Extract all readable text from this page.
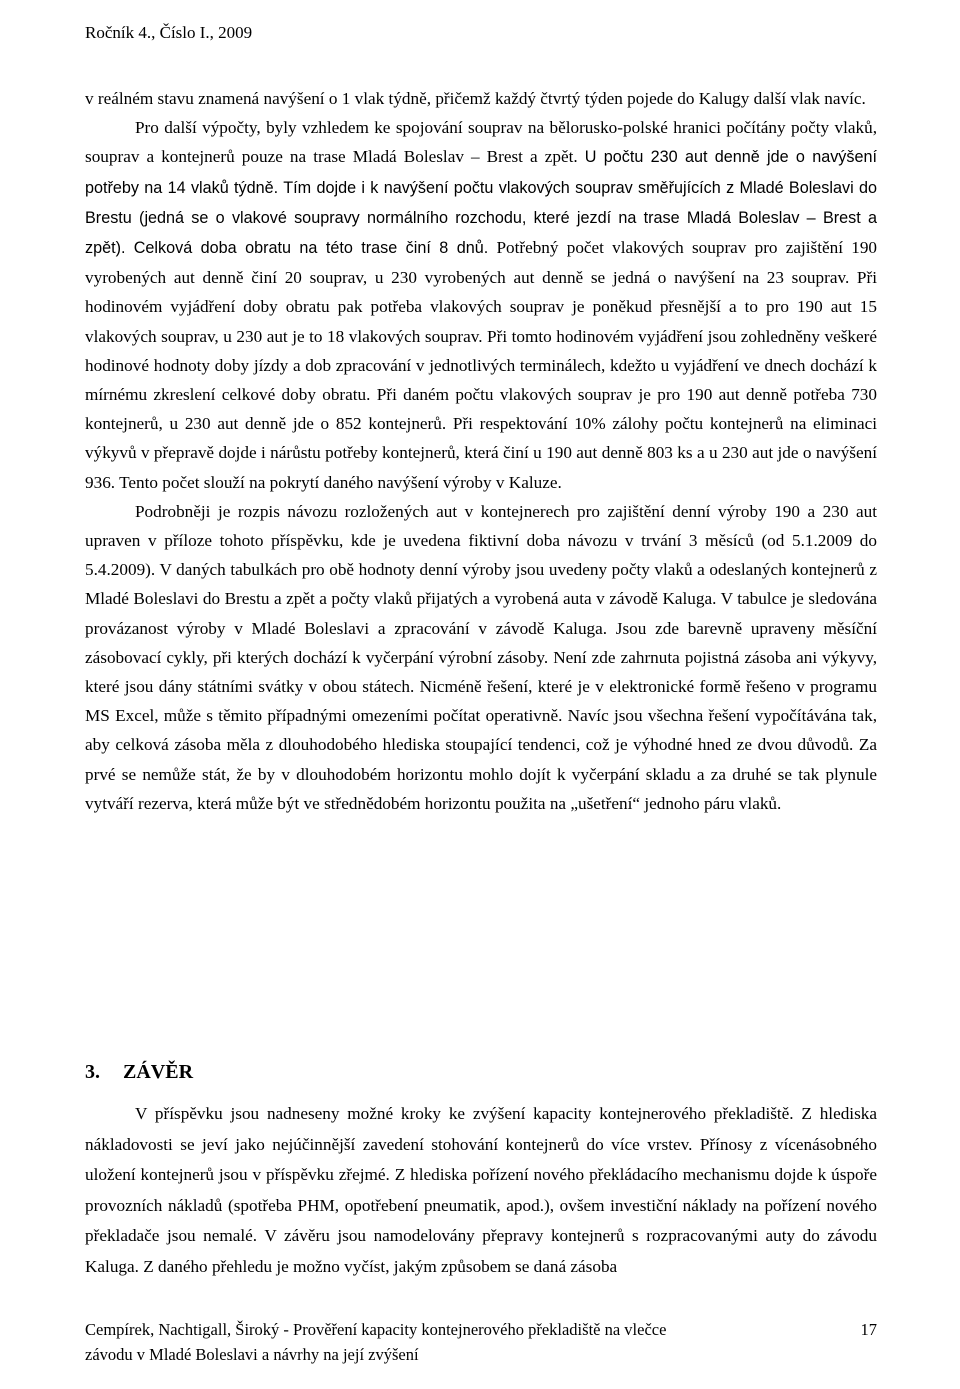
Ročník 4., Číslo I., 2009

v reálném stavu znamená navýšení o 1 vlak týdně, přičemž každý čtvrtý týden pojede do Kalugy další vlak navíc.

Pro další výpočty, byly vzhledem ke spojování souprav na bělorusko-polské hranici počítány počty vlaků, souprav a kontejnerů pouze na trase Mladá Boleslav – Brest a zpět. U počtu 230 aut denně jde o navýšení potřeby na 14 vlaků týdně. Tím dojde i k navýšení počtu vlakových souprav směřujících z Mladé Boleslavi do Brestu (jedná se o vlakové soupravy normálního rozchodu, které jezdí na trase Mladá Boleslav – Brest a zpět). Celková doba obratu na této trase činí 8 dnů. Potřebný počet vlakových souprav pro zajištění 190 vyrobených aut denně činí 20 souprav, u 230 vyrobených aut denně se jedná o navýšení na 23 souprav. Při hodinovém vyjádření doby obratu pak potřeba vlakových souprav je poněkud přesnější a to pro 190 aut 15 vlakových souprav, u 230 aut je to 18 vlakových souprav. Při tomto hodinovém vyjádření jsou zohledněny veškeré hodinové hodnoty doby jízdy a dob zpracování v jednotlivých terminálech, kdežto u vyjádření ve dnech dochází k mírnému zkreslení celkové doby obratu. Při daném počtu vlakových souprav je pro 190 aut denně potřeba 730 kontejnerů, u 230 aut denně jde o 852 kontejnerů. Při respektování 10% zálohy počtu kontejnerů na eliminaci výkyvů v přepravě dojde i nárůstu potřeby kontejnerů, která činí u 190 aut denně 803 ks a u 230 aut jde o navýšení 936. Tento počet slouží na pokrytí daného navýšení výroby v Kaluze.

Podrobněji je rozpis návozu rozložených aut v kontejnerech pro zajištění denní výroby 190 a 230 aut upraven v příloze tohoto příspěvku, kde je uvedena fiktivní doba návozu v trvání 3 měsíců (od 5.1.2009 do 5.4.2009). V daných tabulkách pro obě hodnoty denní výroby jsou uvedeny počty vlaků a odeslaných kontejnerů z Mladé Boleslavi do Brestu a zpět a počty vlaků přijatých a vyrobená auta v závodě Kaluga. V tabulce je sledována provázanost výroby v Mladé Boleslavi a zpracování v závodě Kaluga. Jsou zde barevně upraveny měsíční zásobovací cykly, při kterých dochází k vyčerpání výrobní zásoby. Není zde zahrnuta pojistná zásoba ani výkyvy, které jsou dány státními svátky v obou státech. Nicméně řešení, které je v elektronické formě řešeno v programu MS Excel, může s těmito případnými omezeními počítat operativně. Navíc jsou všechna řešení vypočítávána tak, aby celková zásoba měla z dlouhodobého hlediska stoupající tendenci, což je výhodné hned ze dvou důvodů. Za prvé se nemůže stát, že by v dlouhodobém horizontu mohlo dojít k vyčerpání skladu a za druhé se tak plynule vytváří rezerva, která může být ve střednědobém horizontu použita na „ušetření“ jednoho páru vlaků.

3. ZÁVĚR

V příspěvku jsou nadneseny možné kroky ke zvýšení kapacity kontejnerového překladiště. Z hlediska nákladovosti se jeví jako nejúčinnější zavedení stohování kontejnerů do více vrstev. Přínosy z vícenásobného uložení kontejnerů jsou v příspěvku zřejmé. Z hlediska pořízení nového překládacího mechanismu dojde k úspoře provozních nákladů (spotřeba PHM, opotřebení pneumatik, apod.), ovšem investiční náklady na pořízení nového překladače jsou nemalé. V závěru jsou namodelovány přepravy kontejnerů s rozpracovanými auty do závodu Kaluga. Z daného přehledu je možno vyčíst, jakým způsobem se daná zásoba

Cempírek, Nachtigall, Široký - Prověření kapacity kontejnerového překladiště na vlečce	17
závodu v Mladé Boleslavi a návrhy na její zvýšení
